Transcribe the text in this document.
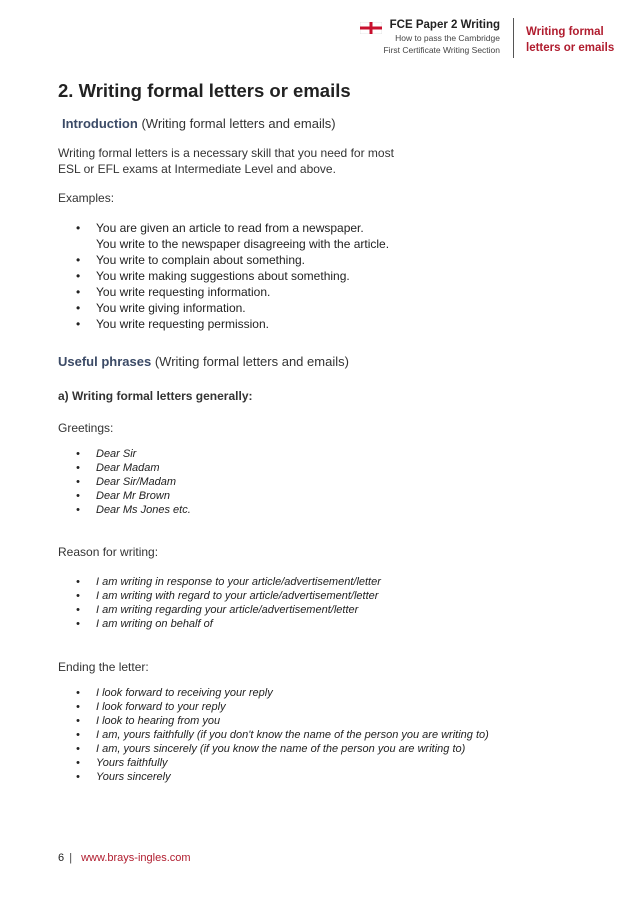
FCE Paper 2 Writing
How to pass the Cambridge
First Certificate Writing Section
Writing formal
letters or emails
2. Writing formal letters or emails
Introduction (Writing formal letters and emails)
Writing formal letters is a necessary skill that you need for most
ESL or EFL exams at Intermediate Level and above.
Examples:
• You are given an article to read from a newspaper.
You write to the newspaper disagreeing with the article.
• You write to complain about something.
• You write making suggestions about something.
• You write requesting information.
• You write giving information.
• You write requesting permission.
Useful phrases (Writing formal letters and emails)
a) Writing formal letters generally:
Greetings:
• Dear Sir
• Dear Madam
• Dear Sir/Madam
• Dear Mr Brown
• Dear Ms Jones etc.
Reason for writing:
• I am writing in response to your article/advertisement/letter
• I am writing with regard to your article/advertisement/letter
• I am writing regarding your article/advertisement/letter
• I am writing on behalf of
Ending the letter:
• I look forward to receiving your reply
• I look forward to your reply
• I look to hearing from you
• I am, yours faithfully (if you don't know the name of the person you are writing to)
• I am, yours sincerely (if you know the name of the person you are writing to)
• Yours faithfully
• Yours sincerely
6 | www.brays-ingles.com
